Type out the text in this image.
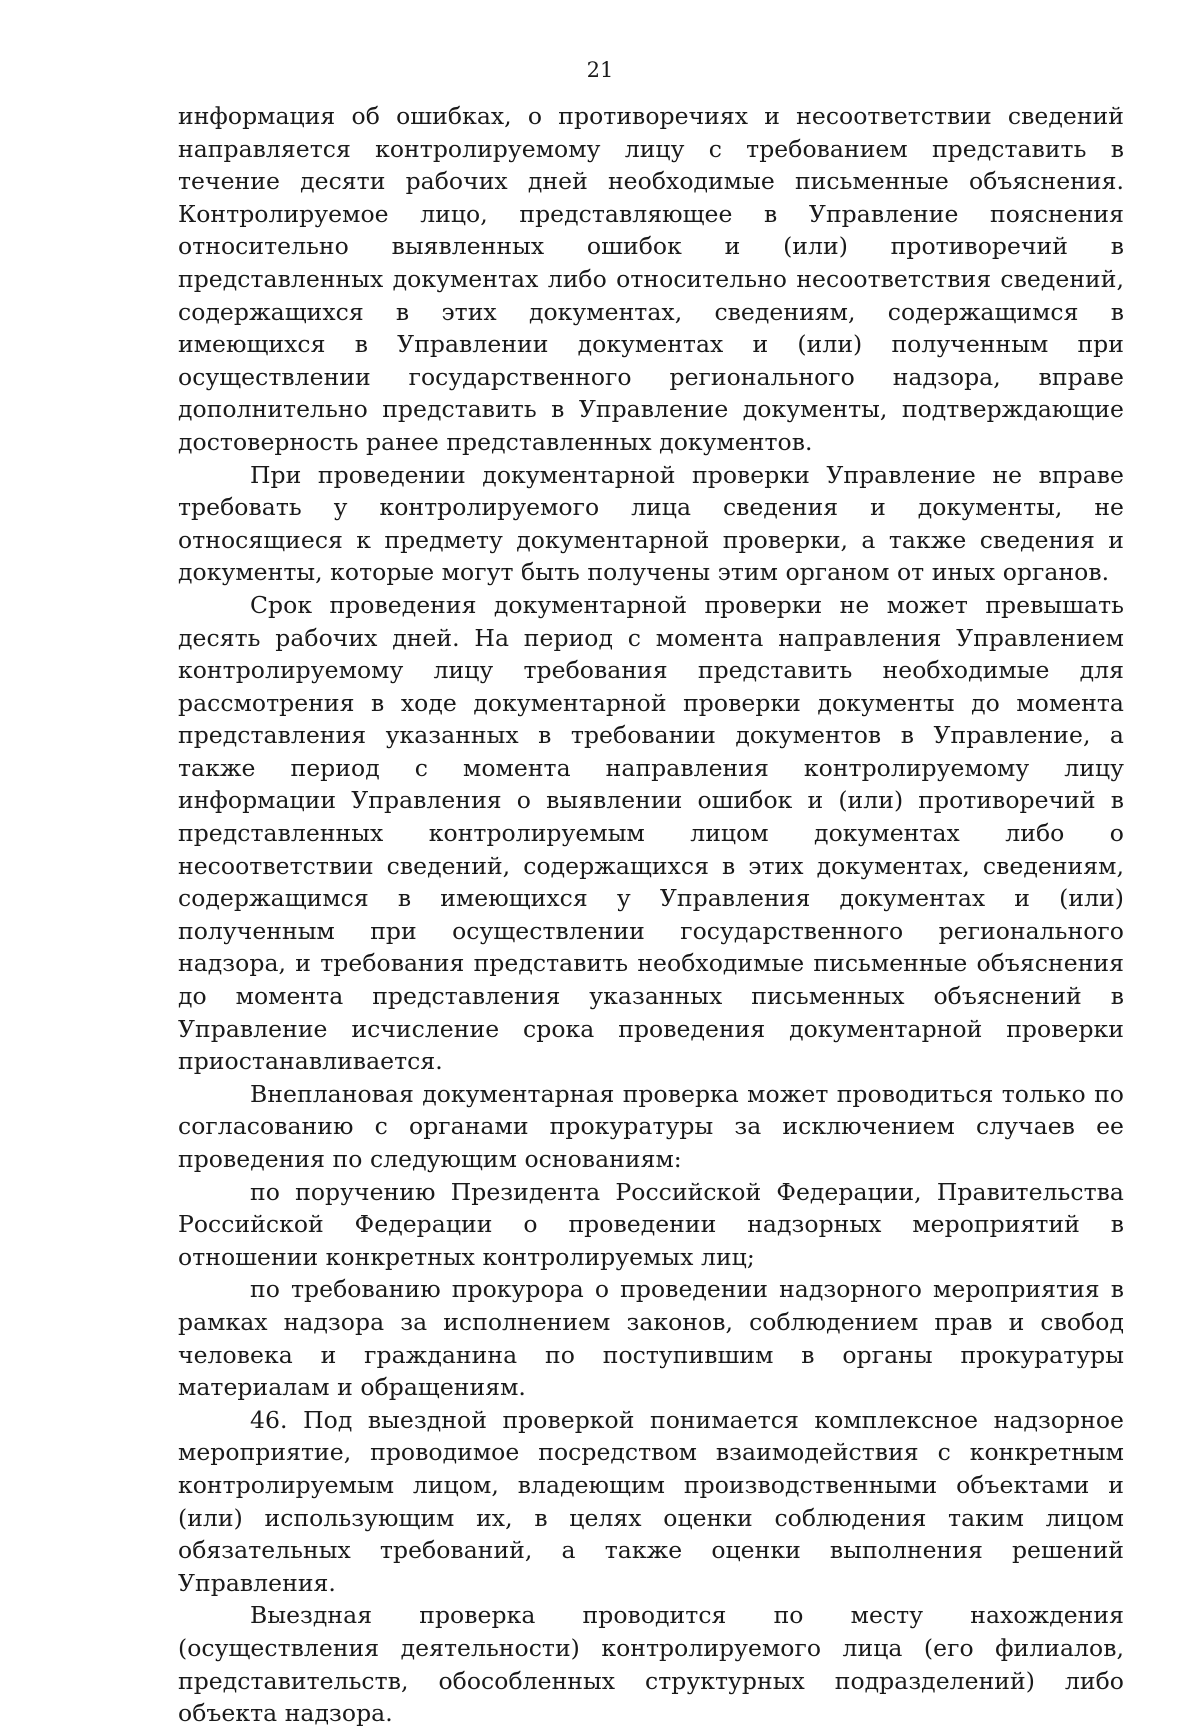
21

информация об ошибках, о противоречиях и несоответствии сведений направляется контролируемому лицу с требованием представить в течение десяти рабочих дней необходимые письменные объяснения. Контролируемое лицо, представляющее в Управление пояснения относительно выявленных ошибок и (или) противоречий в представленных документах либо относительно несоответствия сведений, содержащихся в этих документах, сведениям, содержащимся в имеющихся в Управлении документах и (или) полученным при осуществлении государственного регионального надзора, вправе дополнительно представить в Управление документы, подтверждающие достоверность ранее представленных документов.

При проведении документарной проверки Управление не вправе требовать у контролируемого лица сведения и документы, не относящиеся к предмету документарной проверки, а также сведения и документы, которые могут быть получены этим органом от иных органов.

Срок проведения документарной проверки не может превышать десять рабочих дней. На период с момента направления Управлением контролируемому лицу требования представить необходимые для рассмотрения в ходе документарной проверки документы до момента представления указанных в требовании документов в Управление, а также период с момента направления контролируемому лицу информации Управления о выявлении ошибок и (или) противоречий в представленных контролируемым лицом документах либо о несоответствии сведений, содержащихся в этих документах, сведениям, содержащимся в имеющихся у Управления документах и (или) полученным при осуществлении государственного регионального надзора, и требования представить необходимые письменные объяснения до момента представления указанных письменных объяснений в Управление исчисление срока проведения документарной проверки приостанавливается.

Внеплановая документарная проверка может проводиться только по согласованию с органами прокуратуры за исключением случаев ее проведения по следующим основаниям:

по поручению Президента Российской Федерации, Правительства Российской Федерации о проведении надзорных мероприятий в отношении конкретных контролируемых лиц;

по требованию прокурора о проведении надзорного мероприятия в рамках надзора за исполнением законов, соблюдением прав и свобод человека и гражданина по поступившим в органы прокуратуры материалам и обращениям.

46. Под выездной проверкой понимается комплексное надзорное мероприятие, проводимое посредством взаимодействия с конкретным контролируемым лицом, владеющим производственными объектами и (или) использующим их, в целях оценки соблюдения таким лицом обязательных требований, а также оценки выполнения решений Управления.

Выездная проверка проводится по месту нахождения (осуществления деятельности) контролируемого лица (его филиалов, представительств, обособленных структурных подразделений) либо объекта надзора.
